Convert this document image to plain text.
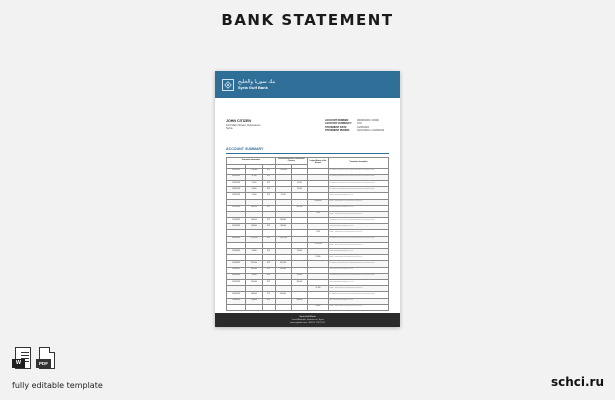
BANK STATEMENT
بنك سوريا والخليج
Syria Gulf Bank
JOHN CITIZEN
123 Main Street, Damascus
Syria
ACCOUNT NUMBER:	0000000000 / 00000
ACCOUNT CURRENCY:	SYP
STATEMENT DATE:	31/08/2022
STATEMENT PERIOD:	01/01/2022 to 31/08/2022
ACCOUNT SUMMARY
Transaction information			Transaction Amount in the Account Currency		Ledger Balance of the Account	Transaction description
Date	Amount	Currency	Dr	CR		
03/01/2022	1,518,000	SYP	1,518,000			TRANSFER TO Local Banking via Local Bank and Branches Syria Gulf Bank Transfer
05/01/2022	11,250	SYP				TRANSFER TO Local Banking via Local Bank and Branches Syria Gulf Bank Transfer
12/01/2022	10,200	SYP		10,200		TRANSFER TO Local Banking via Local Bank and Branches Syria Gulf Bank Transfer
18/01/2022	10,200	SYP		10,200		TRANSFER TO Local Banking via Local Bank and Branches Syria Gulf Bank Transfer
24/01/2022	23,100	SYP	23,100			Local Purchase EDIN CENTRE BRANCH SY
					1,498,100	Balance - Closing balance of the account at the end of the day
07/02/2022	289,150	SYP		289,150		Local Purchase EDIN CENTRE BRANCH SY
					7,150	Balance - Closing balance of the account at the end of the day
15/02/2022	468,000	SYP	468,000			TRANSFER TO Local Banking via Local Bank and Branches Syria Gulf Bank Transfer
23/02/2022	108,000	SYP	108,000			Local Purchase EDIN CENTRE BRANCH SY
					7,150	Balance - Closing balance of the account at the end of the day
04/03/2022	1,102,700	SYP	1,102,700			TRANSFER TO Local Banking via Local Bank and Branches Syria Gulf Bank Transfer
					1,102,700	Balance - Closing balance of the account at the end of the day
22/03/2022	13,900	SYP		13,900		Local Purchase EDIN CENTRE BRANCH SY
					13,900	Balance - Closing balance of the account at the end of the day
07/04/2022	402,200	SYP	402,200			TRANSFER TO Local Banking via Local Bank and Branches Syria Gulf Bank Transfer
18/04/2022	300,000	SYP	300,000			Local Purchase EDIN CENTRE BRANCH SY
03/05/2022	16,100	SYP		16,100		TRANSFER TO Local Banking via Local Bank and Branches Syria Gulf Bank Transfer
16/05/2022	300,000	SYP		300,000		Local Purchase EDIN CENTRE BRANCH SY
					71,100	Balance - Closing balance of the account at the end of the day
09/06/2022	468,000	SYP	468,000			TRANSFER TO Local Banking via Local Bank and Branches Syria Gulf Bank Transfer
15/06/2022	108,000	SYP		108,000		Local Purchase EDIN CENTRE BRANCH SY
					18,000	Balance - Closing balance of the account at the end of the day
Syria Gulf Bank
Yusuf Alazmeh, Damascus, Syria
www.sgbank.com +963 11 232 9111
W	PDF
fully editable template	schci.ru
